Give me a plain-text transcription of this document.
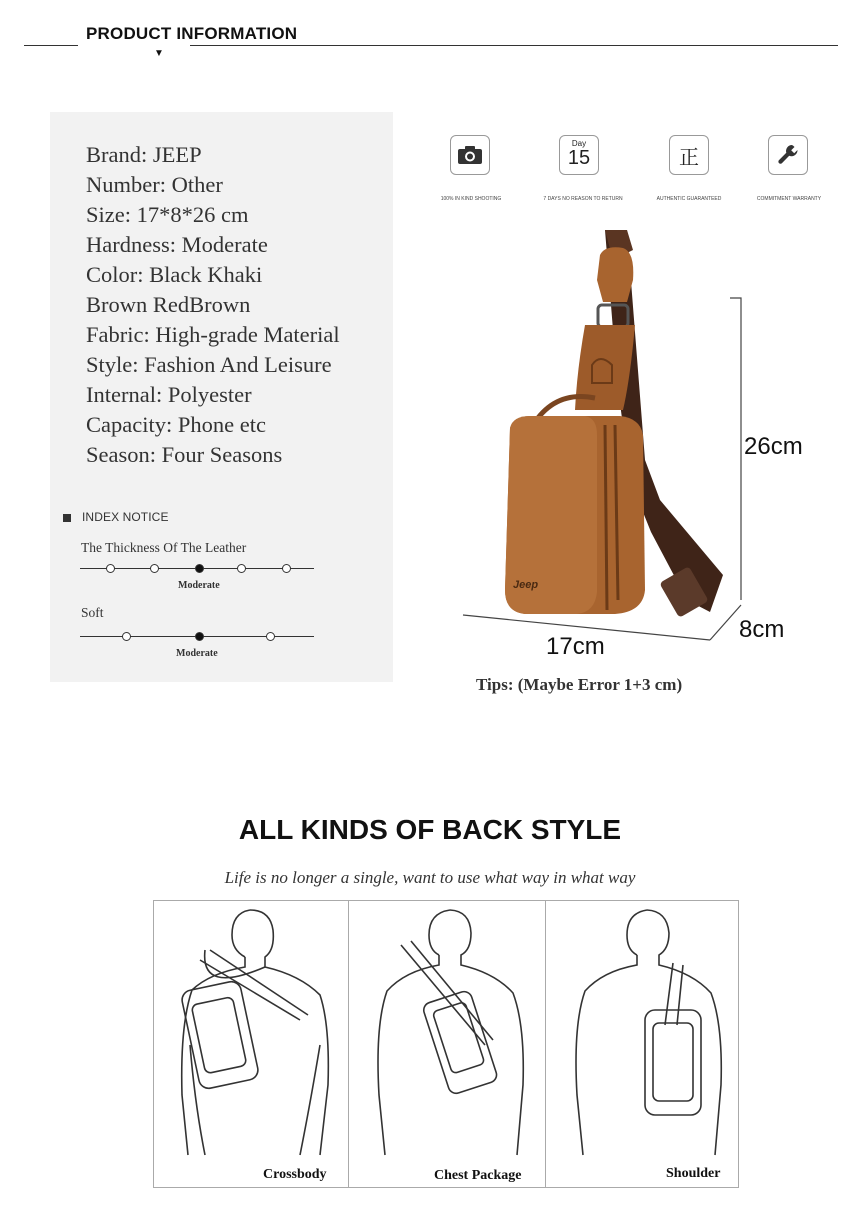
PRODUCT INFORMATION
▼
Brand: JEEP
Number: Other
Size: 17*8*26 cm
Hardness: Moderate
Color: Black Khaki
Brown RedBrown
Fabric: High-grade Material
Style: Fashion And Leisure
Internal: Polyester
Capacity: Phone etc
Season: Four Seasons
INDEX NOTICE
The Thickness Of The Leather
Moderate
Soft
Moderate
Day
15	正
100% IN KIND SHOOTING	7 DAYS NO REASON TO RETURN	AUTHENTIC GUARANTEED	COMMITMENT WARRANTY
Jeep
26cm
17cm
8cm
Tips: (Maybe Error 1+3 cm)
ALL KINDS OF BACK STYLE
Life is no longer a single, want to use what way in what way
Crossbody	Chest Package	Shoulder
